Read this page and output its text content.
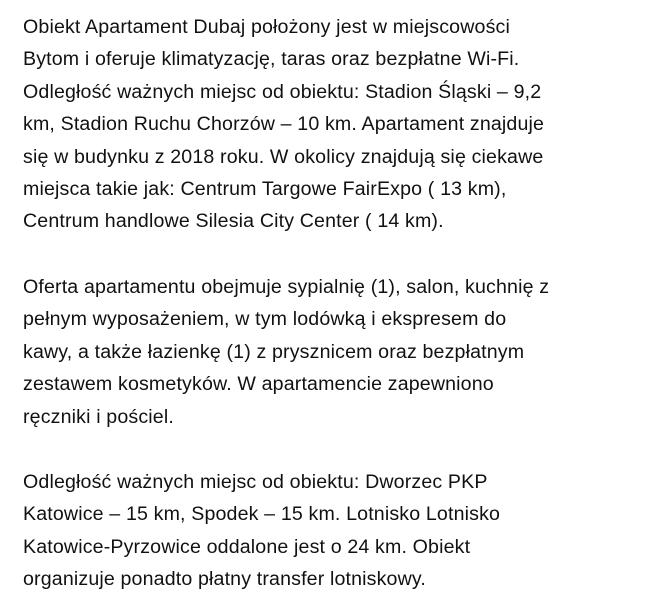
Obiekt Apartament Dubaj położony jest w miejscowości
Bytom i oferuje klimatyzację, taras oraz bezpłatne Wi-Fi.
Odległość ważnych miejsc od obiektu: Stadion Śląski – 9,2
km, Stadion Ruchu Chorzów – 10 km. Apartament znajduje
się w budynku z 2018 roku. W okolicy znajdują się ciekawe
miejsca takie jak: Centrum Targowe FairExpo ( 13 km),
Centrum handlowe Silesia City Center ( 14 km).

Oferta apartamentu obejmuje sypialnię (1), salon, kuchnię z
pełnym wyposażeniem, w tym lodówką i ekspresem do
kawy, a także łazienkę (1) z prysznicem oraz bezpłatnym
zestawem kosmetyków. W apartamencie zapewniono
ręczniki i pościel.

Odległość ważnych miejsc od obiektu: Dworzec PKP
Katowice – 15 km, Spodek – 15 km. Lotnisko Lotnisko
Katowice-Pyrzowice oddalone jest o 24 km. Obiekt
organizuje ponadto płatny transfer lotniskowy.
